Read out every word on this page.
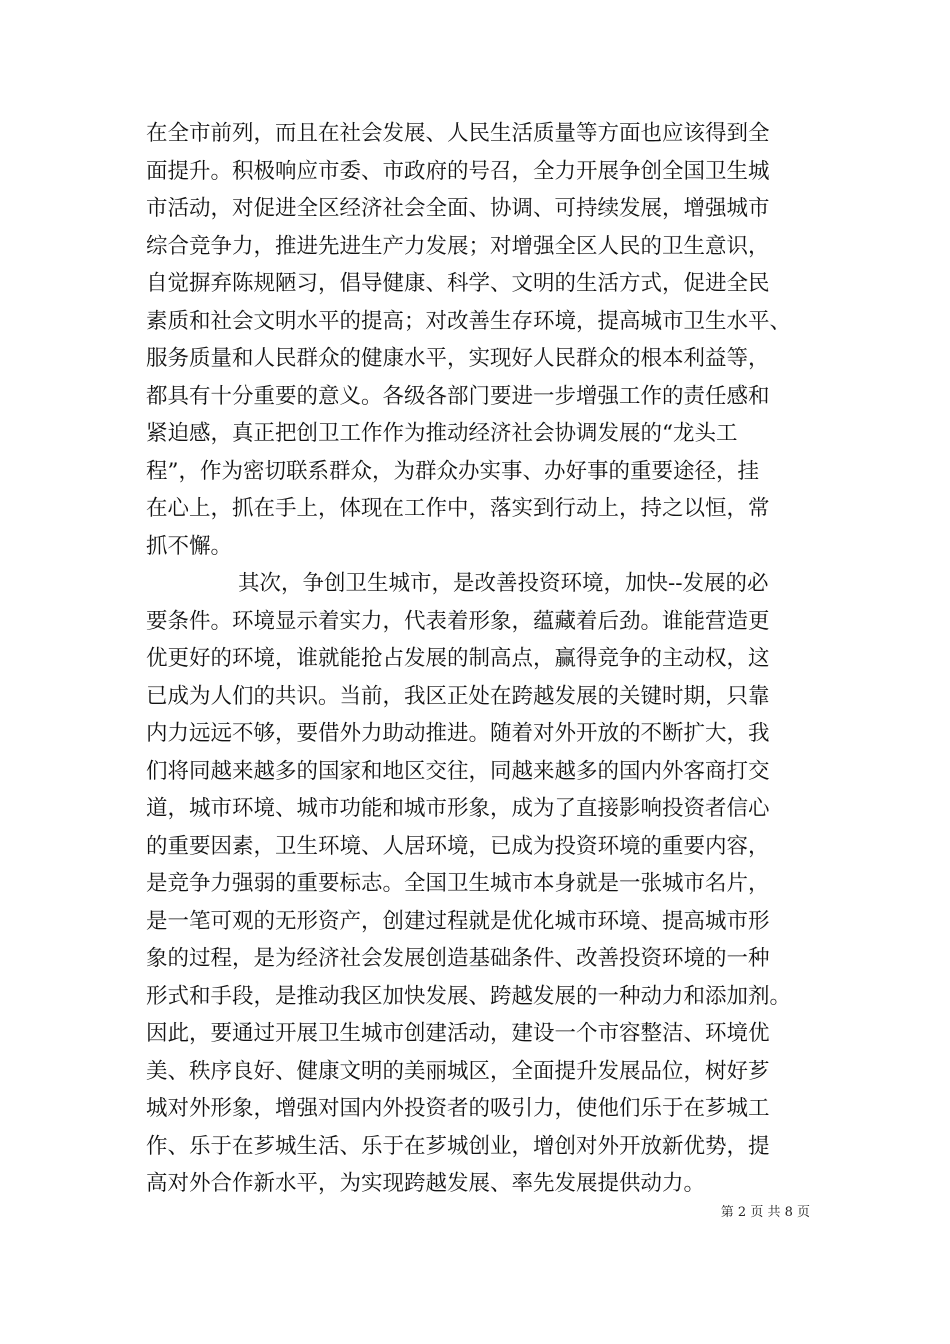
在全市前列，而且在社会发展、人民生活质量等方面也应该得到全
面提升。积极响应市委、市政府的号召，全力开展争创全国卫生城
市活动，对促进全区经济社会全面、协调、可持续发展，增强城市
综合竞争力，推进先进生产力发展；对增强全区人民的卫生意识，
自觉摒弃陈规陋习，倡导健康、科学、文明的生活方式，促进全民
素质和社会文明水平的提高；对改善生存环境，提高城市卫生水平、
服务质量和人民群众的健康水平，实现好人民群众的根本利益等，
都具有十分重要的意义。各级各部门要进一步增强工作的责任感和
紧迫感，真正把创卫工作作为推动经济社会协调发展的“龙头工
程”，作为密切联系群众，为群众办实事、办好事的重要途径，挂
在心上，抓在手上，体现在工作中，落实到行动上，持之以恒，常
抓不懈。
其次，争创卫生城市，是改善投资环境，加快--发展的必
要条件。环境显示着实力，代表着形象，蕴藏着后劲。谁能营造更
优更好的环境，谁就能抢占发展的制高点，赢得竞争的主动权，这
已成为人们的共识。当前，我区正处在跨越发展的关键时期，只靠
内力远远不够，要借外力助动推进。随着对外开放的不断扩大，我
们将同越来越多的国家和地区交往，同越来越多的国内外客商打交
道，城市环境、城市功能和城市形象，成为了直接影响投资者信心
的重要因素，卫生环境、人居环境，已成为投资环境的重要内容，
是竞争力强弱的重要标志。全国卫生城市本身就是一张城市名片，
是一笔可观的无形资产，创建过程就是优化城市环境、提高城市形
象的过程，是为经济社会发展创造基础条件、改善投资环境的一种
形式和手段，是推动我区加快发展、跨越发展的一种动力和添加剂。
因此，要通过开展卫生城市创建活动，建设一个市容整洁、环境优
美、秩序良好、健康文明的美丽城区，全面提升发展品位，树好芗
城对外形象，增强对国内外投资者的吸引力，使他们乐于在芗城工
作、乐于在芗城生活、乐于在芗城创业，增创对外开放新优势，提
高对外合作新水平，为实现跨越发展、率先发展提供动力。
第 2 页 共 8 页
